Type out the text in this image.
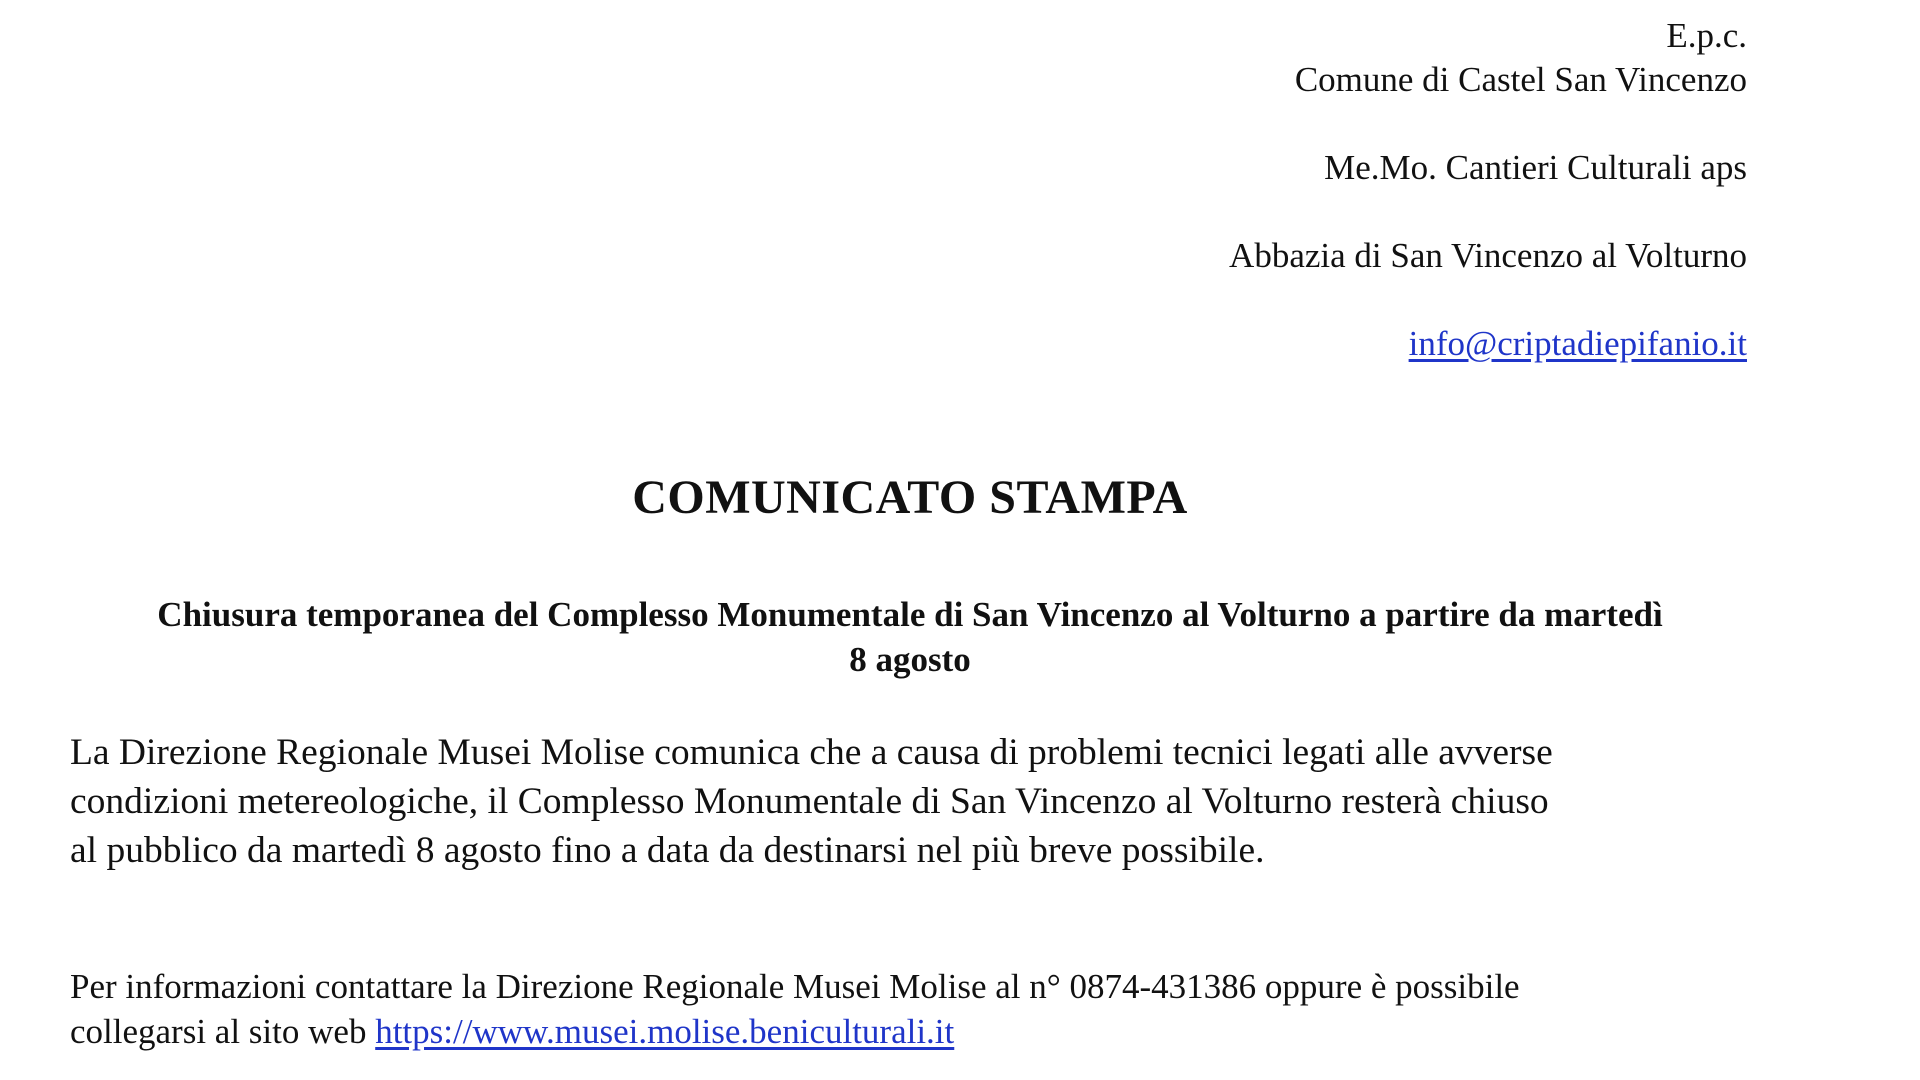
E.p.c.
Comune di Castel San Vincenzo
Me.Mo. Cantieri Culturali aps
Abbazia di San Vincenzo al Volturno
info@criptadiepifanio.it
COMUNICATO STAMPA
Chiusura temporanea del Complesso Monumentale di San Vincenzo al Volturno a partire da martedì
8 agosto
La Direzione Regionale Musei Molise comunica che a causa di problemi tecnici legati alle avverse
condizioni metereologiche, il Complesso Monumentale di San Vincenzo al Volturno resterà chiuso
al pubblico da martedì 8 agosto fino a data da destinarsi nel più breve possibile.
Per informazioni contattare la Direzione Regionale Musei Molise al n° 0874-431386 oppure è possibile
collegarsi al sito web https://www.musei.molise.beniculturali.it
